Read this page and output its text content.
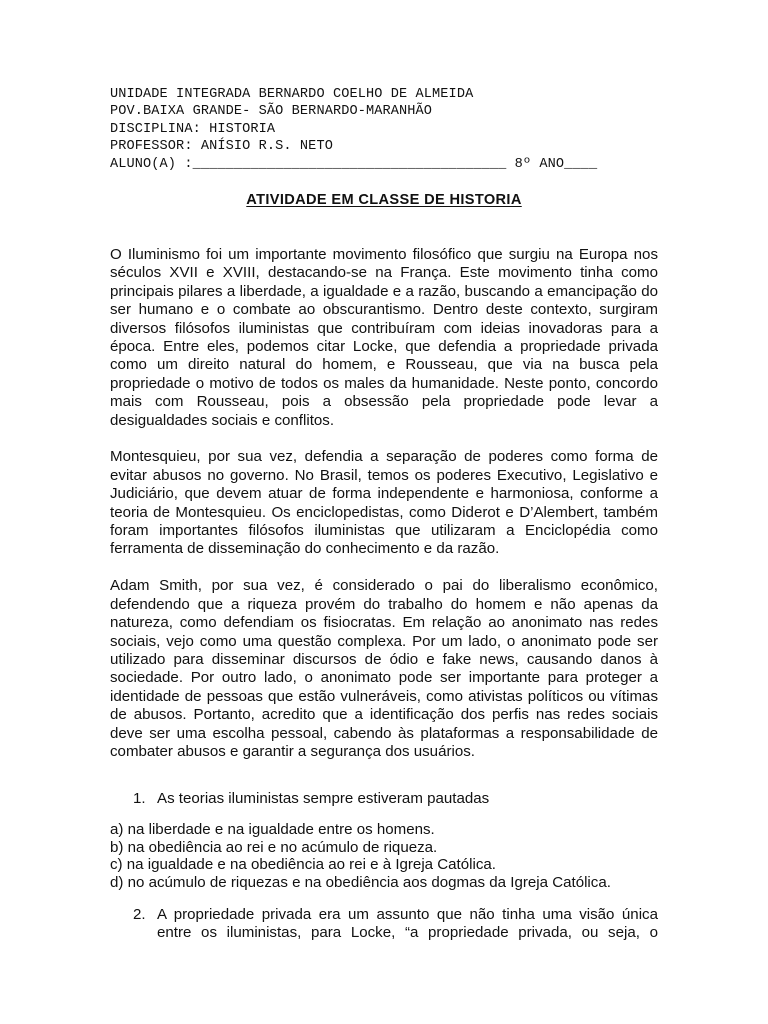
UNIDADE INTEGRADA BERNARDO COELHO DE ALMEIDA
POV.BAIXA GRANDE- SÃO BERNARDO-MARANHÃO
DISCIPLINA: HISTORIA
PROFESSOR: ANÍSIO R.S. NETO
ALUNO(A) :______________________________________ 8º ANO____
ATIVIDADE EM CLASSE DE HISTORIA

O Iluminismo foi um importante movimento filosófico que surgiu na Europa nos séculos XVII e XVIII, destacando-se na França. Este movimento tinha como principais pilares a liberdade, a igualdade e a razão, buscando a emancipação do ser humano e o combate ao obscurantismo. Dentro deste contexto, surgiram diversos filósofos iluministas que contribuíram com ideias inovadoras para a época. Entre eles, podemos citar Locke, que defendia a propriedade privada como um direito natural do homem, e Rousseau, que via na busca pela propriedade o motivo de todos os males da humanidade. Neste ponto, concordo mais com Rousseau, pois a obsessão pela propriedade pode levar a desigualdades sociais e conflitos.

Montesquieu, por sua vez, defendia a separação de poderes como forma de evitar abusos no governo. No Brasil, temos os poderes Executivo, Legislativo e Judiciário, que devem atuar de forma independente e harmoniosa, conforme a teoria de Montesquieu. Os enciclopedistas, como Diderot e D’Alembert, também foram importantes filósofos iluministas que utilizaram a Enciclopédia como ferramenta de disseminação do conhecimento e da razão.

Adam Smith, por sua vez, é considerado o pai do liberalismo econômico, defendendo que a riqueza provém do trabalho do homem e não apenas da natureza, como defendiam os fisiocratas. Em relação ao anonimato nas redes sociais, vejo como uma questão complexa. Por um lado, o anonimato pode ser utilizado para disseminar discursos de ódio e fake news, causando danos à sociedade. Por outro lado, o anonimato pode ser importante para proteger a identidade de pessoas que estão vulneráveis, como ativistas políticos ou vítimas de abusos. Portanto, acredito que a identificação dos perfis nas redes sociais deve ser uma escolha pessoal, cabendo às plataformas a responsabilidade de combater abusos e garantir a segurança dos usuários.

1. As teorias iluministas sempre estiveram pautadas
a) na liberdade e na igualdade entre os homens.
b) na obediência ao rei e no acúmulo de riqueza.
c) na igualdade e na obediência ao rei e à Igreja Católica.
d) no acúmulo de riquezas e na obediência aos dogmas da Igreja Católica.
2. A propriedade privada era um assunto que não tinha uma visão única entre os iluministas, para Locke, “a propriedade privada, ou seja, o
